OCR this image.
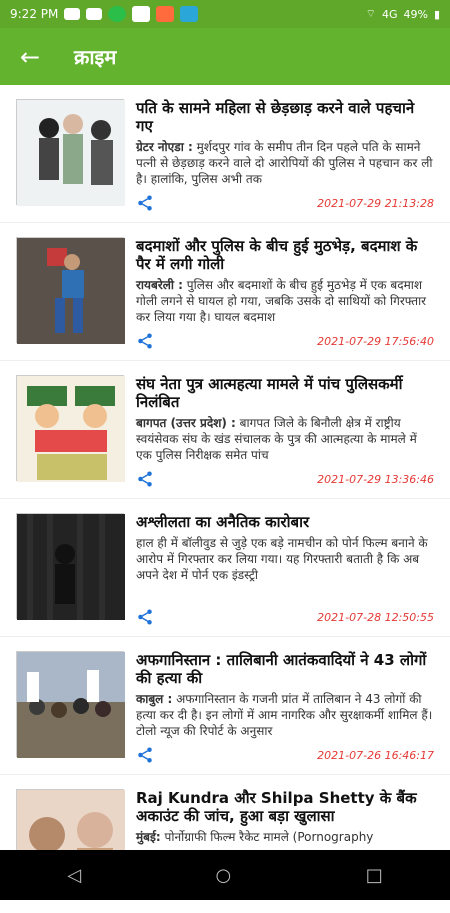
9:22 PM	⌔ 4G 49% ▮
← क्राइम
पति के सामने महिला से छेड़छाड़ करने वाले पहचाने गए
ग्रेटर नोएडा : मुर्शदपुर गांव के समीप तीन दिन पहले पति के सामने पत्नी से छेड़छाड़ करने वाले दो आरोपियों की पुलिस ने पहचान कर ली है। हालांकि, पुलिस अभी तक
2021-07-29 21:13:28
बदमाशों और पुलिस के बीच हुई मुठभेड़, बदमाश के पैर में लगी गोली
रायबरेली : पुलिस और बदमाशों के बीच हुई मुठभेड़ में एक बदमाश गोली लगने से घायल हो गया, जबकि उसके दो साथियों को गिरफ्तार कर लिया गया है। घायल बदमाश
2021-07-29 17:56:40
संघ नेता पुत्र आत्महत्या मामले में पांच पुलिसकर्मी निलंबित
बागपत (उत्तर प्रदेश) : बागपत जिले के बिनौली क्षेत्र में राष्ट्रीय स्वयंसेवक संघ के खंड संचालक के पुत्र की आत्महत्या के मामले में एक पुलिस निरीक्षक समेत पांच
2021-07-29 13:36:46
अश्लीलता का अनैतिक कारोबार
हाल ही में बॉलीवुड से जुड़े एक बड़े नामचीन को पोर्न फिल्म बनाने के आरोप में गिरफ्तार कर लिया गया। यह गिरफ्तारी बताती है कि अब अपने देश में पोर्न एक इंडस्ट्री
2021-07-28 12:50:55
अफगानिस्तान : तालिबानी आतंकवादियों ने 43 लोगों की हत्या की
काबुल : अफगानिस्तान के गजनी प्रांत में तालिबान ने 43 लोगों की हत्या कर दी है। इन लोगों में आम नागरिक और सुरक्षाकर्मी शामिल हैं। टोलो न्यूज की रिपोर्ट के अनुसार
2021-07-26 16:46:17
Raj Kundra और Shilpa Shetty के बैंक अकाउंट की जांच, हुआ बड़ा खुलासा
मुंबई: पोर्नोग्राफी फिल्म रैकेट मामले (Pornography
◁	○	□
